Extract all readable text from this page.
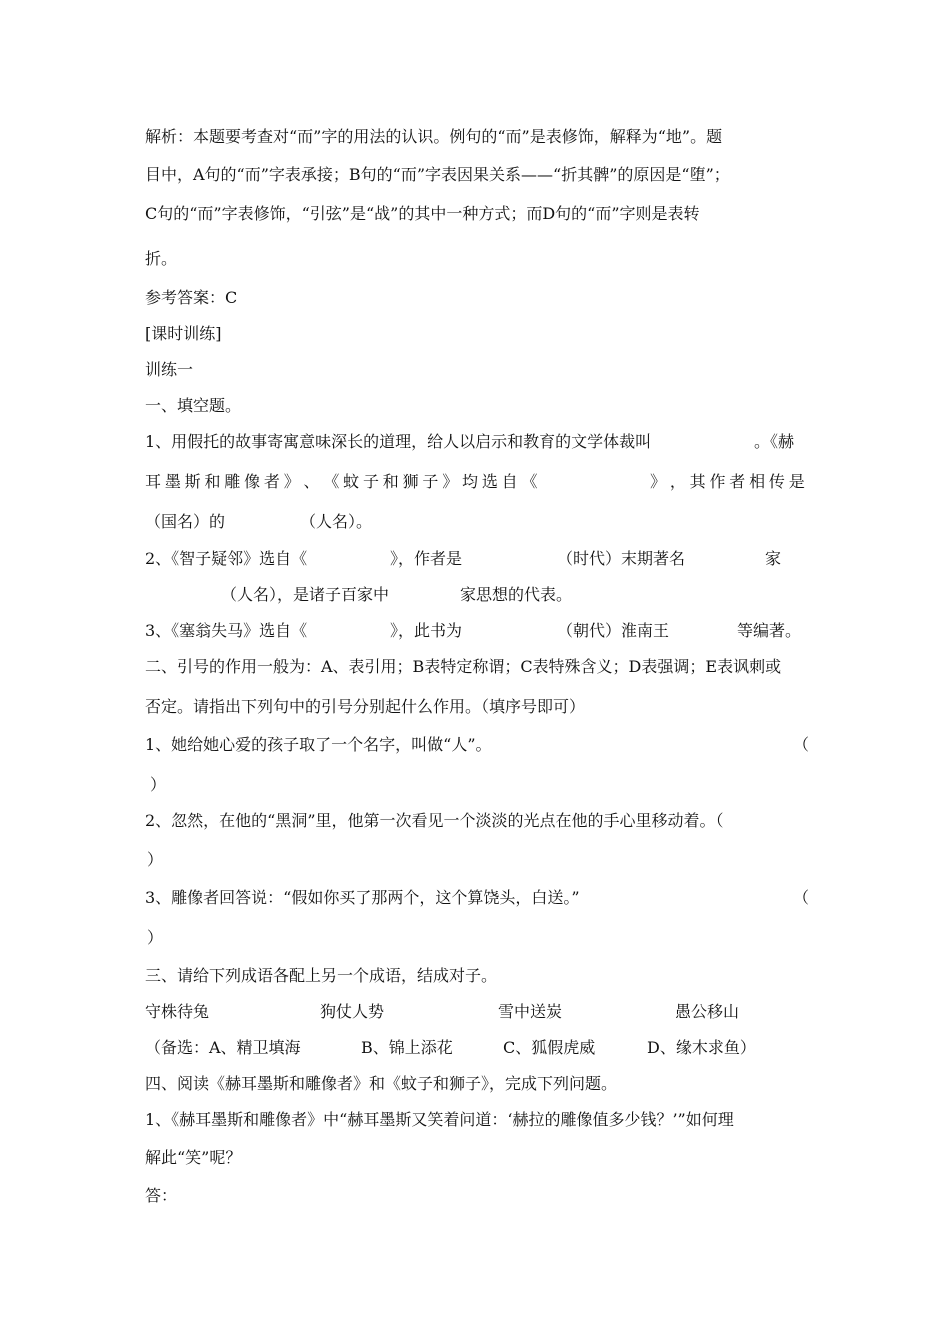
解析：本题要考查对“而”字的用法的认识。例句的“而”是表修饰，解释为“地”。题
目中，A句的“而”字表承接；B句的“而”字表因果关系——“折其髀”的原因是“堕”；
C句的“而”字表修饰，“引弦”是“战”的其中一种方式；而D句的“而”字则是表转
折。
参考答案：C
[课时训练]
训练一
一、填空题。
1、用假托的故事寄寓意味深长的道理，给人以启示和教育的文学体裁叫	。《赫
耳 墨 斯 和 雕 像 者 》 、 《 蚊 子 和 狮 子 》 均 选 自 《	》 ， 其 作 者 相 传 是
（国名）的	（人名）。
2、《智子疑邻》选自《	》，作者是	（时代）末期著名	家
（人名），是诸子百家中	家思想的代表。
3、《塞翁失马》选自《	》，此书为	（朝代）淮南王	等编著。
二、引号的作用一般为：A、表引用；B表特定称谓；C表特殊含义；D表强调；E表讽刺或
否定。请指出下列句中的引号分别起什么作用。（填序号即可）
1、她给她心爱的孩子取了一个名字，叫做“人”。	（
）
2、忽然，在他的“黑洞”里，他第一次看见一个淡淡的光点在他的手心里移动着。（
）
3、雕像者回答说：“假如你买了那两个，这个算饶头，白送。”	（
）
三、请给下列成语各配上另一个成语，结成对子。
守株待兔	狗仗人势	雪中送炭	愚公移山
（备选：A、精卫填海	B、锦上添花	C、狐假虎威	D、缘木求鱼）
四、阅读《赫耳墨斯和雕像者》和《蚊子和狮子》，完成下列问题。
1、《赫耳墨斯和雕像者》中“赫耳墨斯又笑着问道：‘赫拉的雕像值多少钱？’”如何理
解此“笑”呢？
答：
